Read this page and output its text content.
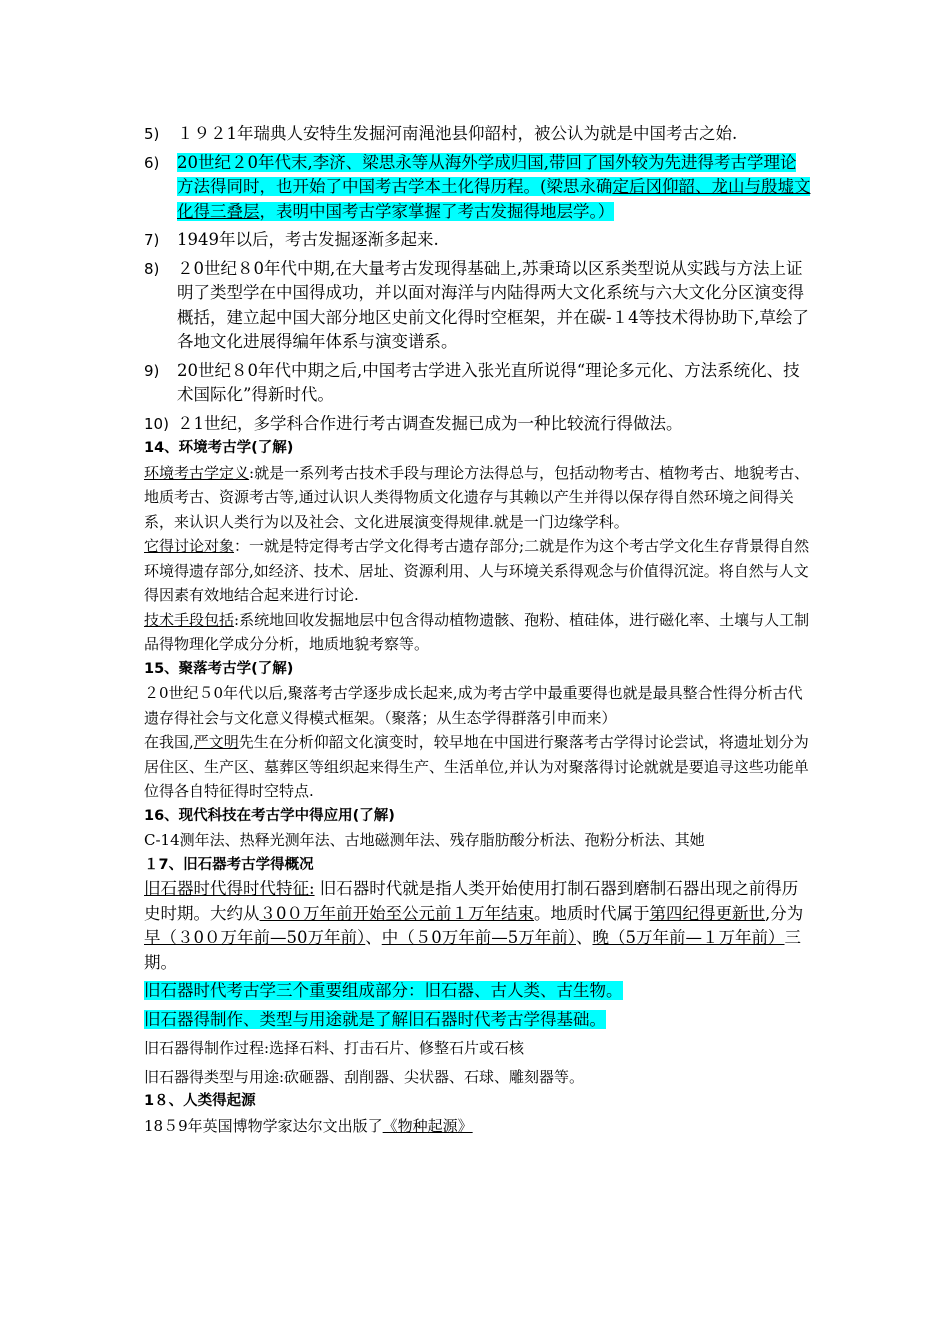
5) １９２1年瑞典人安特生发掘河南渑池县仰韶村，被公认为就是中国考古之始.
6) 20世纪２0年代末,李济、梁思永等从海外学成归国,带回了国外较为先进得考古学理论方法得同时，也开始了中国考古学本土化得历程。(梁思永确定后冈仰韶、龙山与殷墟文化得三叠层，表明中国考古学家掌握了考古发掘得地层学。）
7) 1949年以后，考古发掘逐渐多起来.
8) ２0世纪８0年代中期,在大量考古发现得基础上,苏秉琦以区系类型说从实践与方法上证明了类型学在中国得成功，并以面对海洋与内陆得两大文化系统与六大文化分区演变得概括，建立起中国大部分地区史前文化得时空框架，并在碳-１4等技术得协助下,草绘了各地文化进展得编年体系与演变谱系。
9) 20世纪８0年代中期之后,中国考古学进入张光直所说得“理论多元化、方法系统化、技术国际化”得新时代。
10) ２1世纪，多学科合作进行考古调查发掘已成为一种比较流行得做法。
14、环境考古学(了解)
环境考古学定义:就是一系列考古技术手段与理论方法得总与，包括动物考古、植物考古、地貌考古、地质考古、资源考古等,通过认识人类得物质文化遗存与其赖以产生并得以保存得自然环境之间得关系，来认识人类行为以及社会、文化进展演变得规律.就是一门边缘学科。
它得讨论对象：一就是特定得考古学文化得考古遗存部分;二就是作为这个考古学文化生存背景得自然环境得遗存部分,如经济、技术、居址、资源利用、人与环境关系得观念与价值得沉淀。将自然与人文得因素有效地结合起来进行讨论.
技术手段包括:系统地回收发掘地层中包含得动植物遗骸、孢粉、植硅体，进行磁化率、土壤与人工制品得物理化学成分分析，地质地貌考察等。
15、聚落考古学(了解)
２0世纪５0年代以后,聚落考古学逐步成长起来,成为考古学中最重要得也就是最具整合性得分析古代遗存得社会与文化意义得模式框架。（聚落；从生态学得群落引申而来）
在我国,严文明先生在分析仰韶文化演变时，较早地在中国进行聚落考古学得讨论尝试，将遗址划分为居住区、生产区、墓葬区等组织起来得生产、生活单位,并认为对聚落得讨论就就是要追寻这些功能单位得各自特征得时空特点.
16、现代科技在考古学中得应用(了解)
C-14测年法、热释光测年法、古地磁测年法、残存脂肪酸分析法、孢粉分析法、其她
１7、旧石器考古学得概况
旧石器时代得时代特征: 旧石器时代就是指人类开始使用打制石器到磨制石器出现之前得历史时期。大约从３0０万年前开始至公元前１万年结束。地质时代属于第四纪得更新世,分为早（３0０万年前—50万年前）、中（５0万年前—5万年前）、晚（5万年前—１万年前）三期。
旧石器时代考古学三个重要组成部分：旧石器、古人类、古生物。
旧石器得制作、类型与用途就是了解旧石器时代考古学得基础。
旧石器得制作过程:选择石料、打击石片、修整石片或石核
旧石器得类型与用途:砍砸器、刮削器、尖状器、石球、雕刻器等。
1８、人类得起源
18５9年英国博物学家达尔文出版了《物种起源》
